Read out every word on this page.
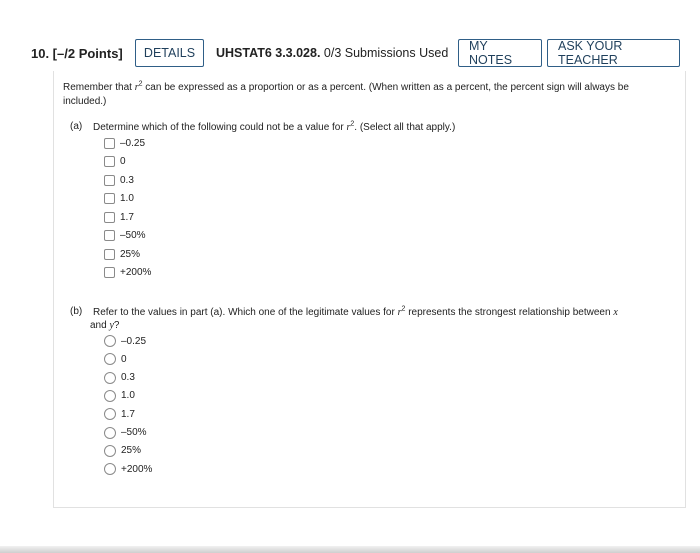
10. [–/2 Points]	DETAILS	UHSTAT6 3.3.028. 0/3 Submissions Used	MY NOTES
ASK YOUR TEACHER
Remember that $r^2$ can be expressed as a proportion or as a percent. (When written as a percent, the percent sign will always be included.)
(a) Determine which of the following could not be a value for $r^2$. (Select all that apply.)
–0.25
0
0.3
1.0
1.7
–50%
25%
+200%
(b) Refer to the values in part (a). Which one of the legitimate values for $r^2$ represents the strongest relationship between x
and y?
–0.25
0
0.3
1.0
1.7
–50%
25%
+200%
